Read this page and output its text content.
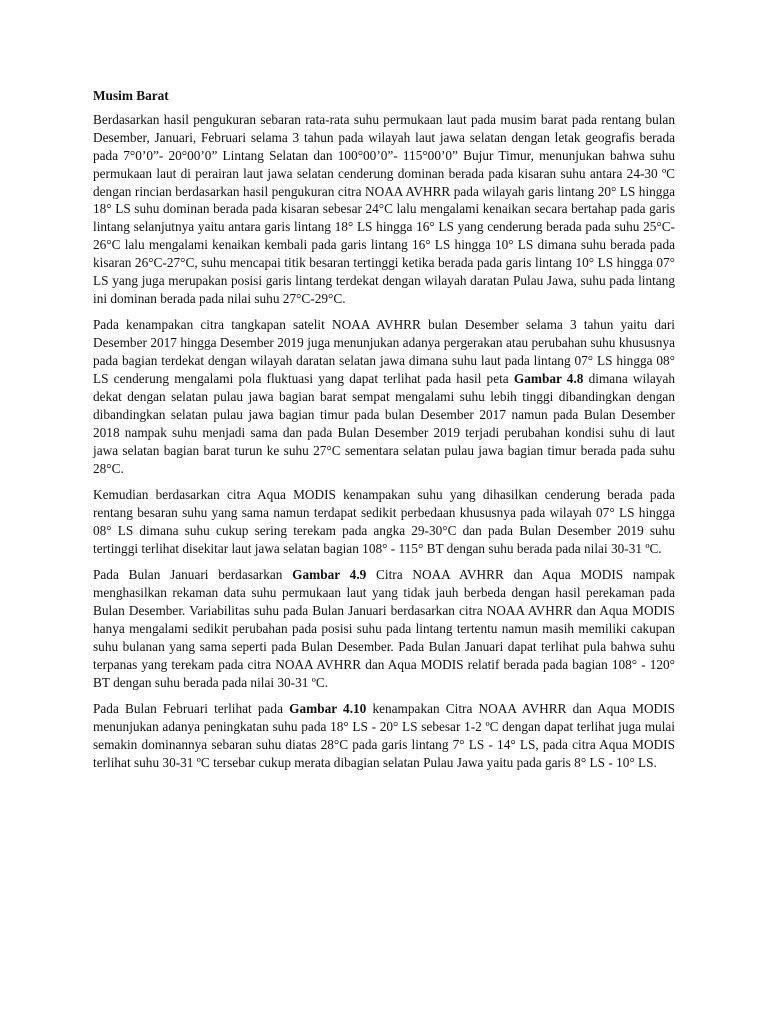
Musim Barat

Berdasarkan hasil pengukuran sebaran rata-rata suhu permukaan laut pada musim barat pada rentang bulan Desember, Januari, Februari selama 3 tahun pada wilayah laut jawa selatan dengan letak geografis berada pada 7°0’0”- 20°00’0” Lintang Selatan dan 100°00’0”- 115°00’0” Bujur Timur, menunjukan bahwa suhu permukaan laut di perairan laut jawa selatan cenderung dominan berada pada kisaran suhu antara 24-30 ºC dengan rincian berdasarkan hasil pengukuran citra NOAA AVHRR pada wilayah garis lintang 20° LS hingga 18° LS suhu dominan berada pada kisaran sebesar 24°C lalu mengalami kenaikan secara bertahap pada garis lintang selanjutnya yaitu antara garis lintang 18° LS hingga 16° LS yang cenderung berada pada suhu 25°C-26°C lalu mengalami kenaikan kembali pada garis lintang 16° LS hingga 10° LS dimana suhu berada pada kisaran 26°C-27°C, suhu mencapai titik besaran tertinggi ketika berada pada garis lintang 10° LS hingga 07° LS yang juga merupakan posisi garis lintang terdekat dengan wilayah daratan Pulau Jawa, suhu pada lintang ini dominan berada pada nilai suhu 27°C-29°C.

Pada kenampakan citra tangkapan satelit NOAA AVHRR bulan Desember selama 3 tahun yaitu dari Desember 2017 hingga Desember 2019 juga menunjukan adanya pergerakan atau perubahan suhu khususnya pada bagian terdekat dengan wilayah daratan selatan jawa dimana suhu laut pada lintang 07° LS hingga 08° LS cenderung mengalami pola fluktuasi yang dapat terlihat pada hasil peta Gambar 4.8 dimana wilayah dekat dengan selatan pulau jawa bagian barat sempat mengalami suhu lebih tinggi dibandingkan dengan dibandingkan selatan pulau jawa bagian timur pada bulan Desember 2017 namun pada Bulan Desember 2018 nampak suhu menjadi sama dan pada Bulan Desember 2019 terjadi perubahan kondisi suhu di laut jawa selatan bagian barat turun ke suhu 27°C sementara selatan pulau jawa bagian timur berada pada suhu 28°C.

Kemudian berdasarkan citra Aqua MODIS kenampakan suhu yang dihasilkan cenderung berada pada rentang besaran suhu yang sama namun terdapat sedikit perbedaan khususnya pada wilayah 07° LS hingga 08° LS dimana suhu cukup sering terekam pada angka 29-30°C dan pada Bulan Desember 2019 suhu tertinggi terlihat disekitar laut jawa selatan bagian 108° - 115° BT dengan suhu berada pada nilai 30-31 ºC.

Pada Bulan Januari berdasarkan Gambar 4.9 Citra NOAA AVHRR dan Aqua MODIS nampak menghasilkan rekaman data suhu permukaan laut yang tidak jauh berbeda dengan hasil perekaman pada Bulan Desember. Variabilitas suhu pada Bulan Januari berdasarkan citra NOAA AVHRR dan Aqua MODIS hanya mengalami sedikit perubahan pada posisi suhu pada lintang tertentu namun masih memiliki cakupan suhu bulanan yang sama seperti pada Bulan Desember. Pada Bulan Januari dapat terlihat pula bahwa suhu terpanas yang terekam pada citra NOAA AVHRR dan Aqua MODIS relatif berada pada bagian 108° - 120° BT dengan suhu berada pada nilai 30-31 ºC.

Pada Bulan Februari terlihat pada Gambar 4.10 kenampakan Citra NOAA AVHRR dan Aqua MODIS menunjukan adanya peningkatan suhu pada 18° LS - 20° LS sebesar 1-2 ºC dengan dapat terlihat juga mulai semakin dominannya sebaran suhu diatas 28°C pada garis lintang 7° LS - 14° LS, pada citra Aqua MODIS terlihat suhu 30-31 ºC tersebar cukup merata dibagian selatan Pulau Jawa yaitu pada garis 8° LS - 10° LS.
